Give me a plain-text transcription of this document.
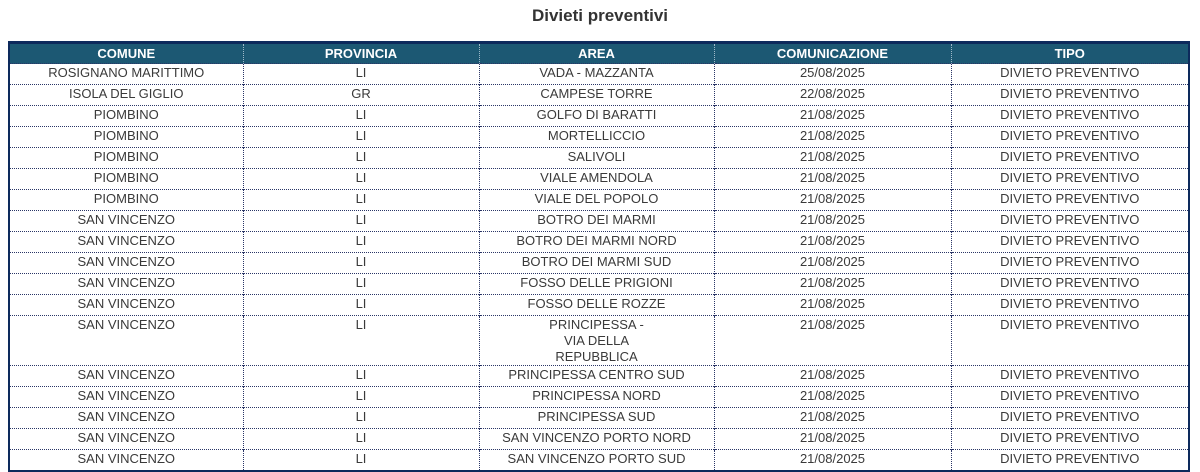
Divieti preventivi
COMUNE	PROVINCIA	AREA	COMUNICAZIONE	TIPO
ROSIGNANO MARITTIMO	LI	VADA - MAZZANTA	25/08/2025	DIVIETO PREVENTIVO
ISOLA DEL GIGLIO	GR	CAMPESE TORRE	22/08/2025	DIVIETO PREVENTIVO
PIOMBINO	LI	GOLFO DI BARATTI	21/08/2025	DIVIETO PREVENTIVO
PIOMBINO	LI	MORTELLICCIO	21/08/2025	DIVIETO PREVENTIVO
PIOMBINO	LI	SALIVOLI	21/08/2025	DIVIETO PREVENTIVO
PIOMBINO	LI	VIALE AMENDOLA	21/08/2025	DIVIETO PREVENTIVO
PIOMBINO	LI	VIALE DEL POPOLO	21/08/2025	DIVIETO PREVENTIVO
SAN VINCENZO	LI	BOTRO DEI MARMI	21/08/2025	DIVIETO PREVENTIVO
SAN VINCENZO	LI	BOTRO DEI MARMI NORD	21/08/2025	DIVIETO PREVENTIVO
SAN VINCENZO	LI	BOTRO DEI MARMI SUD	21/08/2025	DIVIETO PREVENTIVO
SAN VINCENZO	LI	FOSSO DELLE PRIGIONI	21/08/2025	DIVIETO PREVENTIVO
SAN VINCENZO	LI	FOSSO DELLE ROZZE	21/08/2025	DIVIETO PREVENTIVO
SAN VINCENZO	LI	PRINCIPESSA - VIA DELLA REPUBBLICA	21/08/2025	DIVIETO PREVENTIVO
SAN VINCENZO	LI	PRINCIPESSA CENTRO SUD	21/08/2025	DIVIETO PREVENTIVO
SAN VINCENZO	LI	PRINCIPESSA NORD	21/08/2025	DIVIETO PREVENTIVO
SAN VINCENZO	LI	PRINCIPESSA SUD	21/08/2025	DIVIETO PREVENTIVO
SAN VINCENZO	LI	SAN VINCENZO PORTO NORD	21/08/2025	DIVIETO PREVENTIVO
SAN VINCENZO	LI	SAN VINCENZO PORTO SUD	21/08/2025	DIVIETO PREVENTIVO
